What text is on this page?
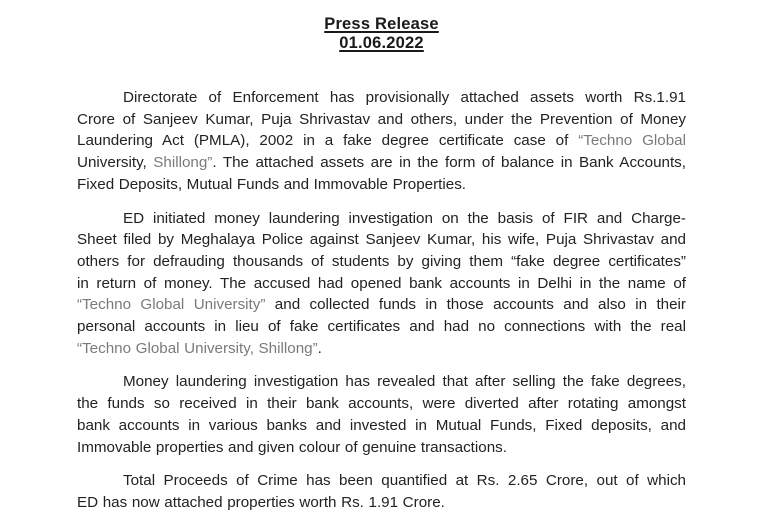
Press Release
01.06.2022
Directorate of Enforcement has provisionally attached assets worth Rs.1.91
Crore of Sanjeev Kumar, Puja Shrivastav and others, under the Prevention of Money
Laundering Act (PMLA), 2002 in a fake degree certificate case of “Techno Global
University, Shillong”. The attached assets are in the form of balance in Bank Accounts,
Fixed Deposits, Mutual Funds and Immovable Properties.
ED initiated money laundering investigation on the basis of FIR and Charge-
Sheet filed by Meghalaya Police against Sanjeev Kumar, his wife, Puja Shrivastav and
others for defrauding thousands of students by giving them “fake degree certificates”
in return of money. The accused had opened bank accounts in Delhi in the name of
“Techno Global University” and collected funds in those accounts and also in their
personal accounts in lieu of fake certificates and had no connections with the real
“Techno Global University, Shillong”.
Money laundering investigation has revealed that after selling the fake degrees,
the funds so received in their bank accounts, were diverted after rotating amongst
bank accounts in various banks and invested in Mutual Funds, Fixed deposits, and
Immovable properties and given colour of genuine transactions.
Total Proceeds of Crime has been quantified at Rs. 2.65 Crore, out of which
ED has now attached properties worth Rs. 1.91 Crore.
